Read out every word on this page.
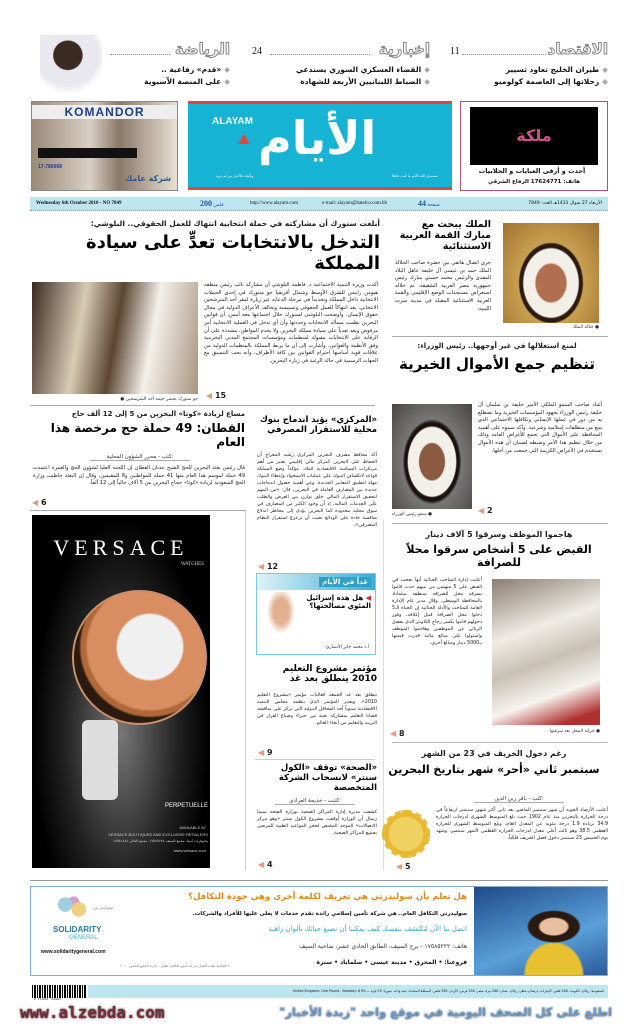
الاقتصاد
11
◆طيران الخليج تعاود تسيير
◆رحلاتها إلى العاصمة كولومبو
إخبارية
24
◆القضاء العسكري السوري يستدعي
◆الضباط اللبنانيين الأربعة للشهادة
الرياضة
◆«قدم» رفاعية ..
◆على المنصة الآسيوية
KOMANDOR
17-785668
شركة عامك
ALAYAM الأيام
تستمدي الله الأيام ما كنت جاهلاً
ويأتيك بالأخبار من لم تزود
ملكة
أحدث و أرقى العبايات و الجلابيات
هاتف: 17624771 الرفاع الشرقي
Wednesday 6th October 2010 - NO 7849	200 فلس	http://www.alayam.com	e-mail: alayam@batelco.com.bh	44 صفحة	الأربعاء 27 شوال 1431هـ العدد: 7849
أبلغت ستورك أن مشاركته في حملة انتخابية انتهاك للعمل الحقوقي.. البلوشي:
التدخل بالانتخابات تعدٍّ على سيادة المملكة
جو ستورك يحضر خيمة أحد المترشحين ●
أكدت وزيرة التنمية الاجتماعية د. فاطمة البلوشي أن مشاركة نائب رئيس منطقة هيومن رايتس للشرق الأوسط وشمال أفريقيا جو ستورك في إحدى الحملات الانتخابية داخل المملكة وتحديداً في مرحلة الدعاية عبر زيارة لمقر أحد المترشحين الانتخابي، يعد انتهاكاً للعمل الحقوقي وتسييسه ويخالف الأعراف الدولية في مجال حقوق الإنسان. وأوضحت البلوشي لستورك خلال اجتماعها معه أمس، أن قوانين البحرين نظمت مسألة الانتخابات وحددتها وأن أي تدخل في العملية الانتخابية أمر مرفوض ويعد تعدياً على سيادة مملكة البحرين ولا يخدم المواطن، مشددة على أن الرقابة على الانتخابات مقبولة لمنظمات ومؤسسات المجتمع المدني البحرينية وفق الأنظمة والقوانين. وأشارت إلى أن ما يربط المملكة بالمنظمات الدولية من علاقات قوية أساسها احترام القوانين بين كافة الأطراف، وأنه يجب التنسيق مع الجهات الرسمية في حالة الرغبة في زيارة البحرين.
◀ 15
الملك يبحث مع مبارك القمة العربية الاستثنائية
جرى اتصال هاتفي بين حضرة صاحب الجلالة الملك حمد بن عيسى آل خليفة عاهل البلاد المفدى والرئيس محمد حسني مبارك رئيس جمهورية مصر العربية الشقيقة، تم خلاله استعراض مستجدات الوضع الإقليمي والقمة العربية الاستثنائية المقبلة في مدينة سرت الليبية.
● جلالة الملك
لمنع استغلالها في غير أوجهها.. رئيس الوزراء:
تنظيم جمع الأموال الخيرية
● سمو رئيس الوزراء
أشاد صاحب السمو الملكي الأمير خليفة بن سلمان آل خليفة رئيس الوزراء بجهود المؤسسات الخيرية وما تضطلع به من دور في عملها الإنساني وتكافلها الاجتماعي الذي ينبع من منطلقات إسلامية وشرعية. وأكد سموه على أهمية المحافظة على الأموال التي تجمع للأغراض العامة وذلك من خلال تنظيم هذا الأمر وضبطه لضمان أن هذه الأموال تستخدم في الأغراض الكريمة التي جمعت من أجلها.
◀ 2
مساع لزيادة «كوتا» البحرين من 5 إلى 12 ألف حاج
القطان: 49 حملة حج مرخصة هذا العام
كتب - محرر الشؤون المحلية:
قال رئيس بعثة البحرين للحج الشيخ عدنان القطان إن اللجنة العليا لشؤون الحج والعمرة اعتمدت 49 حملة لموسم هذا العام منها 41 حملة للمواطنين و8 للمقيمين، وقال إن البعثة خاطبت وزارة الحج السعودية لزيادة «كوتا» حجاج البحرين من 5 آلاف حالياً إلى 12 ألفاً.
◀ 6
VERSACE
WATCHES
PERPETUELLE
AVAILABLE AT
VERSACE BOUTIQUES AND EXCLUSIVE RETAILERS
مجوهرات آسيا، مجمع السيف ١٧٥٨٧٧٨٨، مجمع العالي ١٧٥٨٤٤٤٤
www.versace.com
«المركزي» يؤيد اندماج بنوك محلية للاستقرار المصرفي
أكد محافظ مصرف البحرين المركزي رشيد المعراج أن الحفاظ على البحرين كمركز مالي إقليمي يعتبر من أهم مرتكزات السياسة الاقتصادية للبلاد، مؤكداً وضع المملكة قواعد لانكشاف البنوك على عمليات الاستحواذ وإعطاء البنوك مهلة لتطبيق المعايير الجديدة. وعن أهمية حصول اندماجات جديدة بين المصارف العاملة في البحرين، قال: «من المهم لتحقيق الاستقرار المالي خلق توازن بين العرض والطلب على الخدمات المالية، إذ أن وجود الكثير من المصارف في سوق محلية محدودة كما البحرين يؤدي إلى مخاطر اندلاع منافسة حادة على الودائع بحيث أن تزعزع استقرار النظام المصرفي».
◀ 12
غداً في الأيام
◀ هل هذه إسرائيل المئوي مصالحتها؟
أ.د محمد جابر الأنصاري
مؤتمر مشروع التعليم 2010 ينطلق بعد غد
تنطلق بعد غد الجمعة فعاليات مؤتمر «مشروع التعليم 2010»، ويعتبر المؤتمر الذي ينظمه مجلس التنمية الاقتصادية سنوياً أحد المحافل الدولية التي تركز على مناقشة قضايا التعليم بمشاركة نخبة من خبراء وصناع القرار في التربية والتعليم من أنحاء العالم.
◀ 9
«الصحة» توقف «الكول سنتر» لانسحاب الشركة المتخصصة
كتبت - خديجة العرادي:
كشفت مديرة إدارة المراكز الصحية بوزارة الصحة سيما زيمال أن الوزارة أوقفت مشروع الكول سنتر «وهو مركز الاتصالات» الموحد المختص لحجز المواعيد الطبية للمرضى بجميع المراكز الصحية.
◀ 4
هاجموا الموظف وسرقوا 5 آلاف دينار
القبض على 5 أشخاص سرقوا محلاً للصرافة
أعلنت إدارة المباحث الجنائية أنها نجحت في القبض على 5 متهمين من بينهم حدث قاموا بسرقة محل للصرافة بمنطقة سلماباد بالمحافظة الوسطى. وقال مدير عام الإدارة العامة للمباحث والأدلة الجنائية إن الجناة الـ5 دخلوا محل الصرافة قبيل إغلاقه، وفور دخولهم قاموا بكسر زجاج الكاونتر الذي يفصل الزبائن عن الموظفين وهاجموا الموظف واستولوا على مبالغ مالية قدرت قيمتها بـ5000 دينار ومبالغ أخرى.
● خزانة المحل بعد سرقتها
◀ 8
رغم دخول الخريف في 23 من الشهر
سبتمبر ثاني «أحر» شهر بتاريخ البحرين
كتب - باقر زين الدين:
أعلنت الأرصاد الجوية أن شهر سبتمبر الماضي يعد ثاني أكثر شهور سبتمبر ارتفاعاً في درجة الحرارة بالبحرين منذ عام 1902 حيث بلغ المتوسط الشهري لدرجات الحرارة 34.9 بزيادة 1.9 درجة مئوية عن المعدل العام، وبلغ المتوسط الشهري للحرارة العظمى 38.5 وهو ثالث أعلى معدل لدرجات الحرارة العظمى لأشهر سبتمبر، وشهد يوم الخميس 23 سبتمبر دخول فصل الخريف فلكياً.
◀ 5
هل تعلم بأن سوليدرتي هي تعريف لكلمة أخرى وهي جودة التكافل؟
سوليدرتي التكافل العام.. هي شركة تأمين إسلامي رائدة تقدم خدمات لا يعلى عليها للأفراد والشركات.
اتصل بنا الآن لتكتشف بنفسك كيف يمكننا أن نصبغ حياتك بألوان زاهية
هاتف: ١٧٥٨٥٢٢٢ - برج السيف، الطابق الحادي عشر، ضاحية السيف
فروعنا: • المحرق • مدينة عيسى • سلماباد • سترة
سوليدرتي
SOLIDARITY
GENERAL
www.solidaritygeneral.com
* الفائزة بلقب أفضل شركة تأمين تكافلي للعام - جائزة الخليج للتأمين ٢٠١٠
9 771681 716001
السعودية: ريالان، الكويت: 200 فلس، الإمارات: درهمان، قطر: ريالان، عمان: 200 بيزة، مصر: 250 قرش، الأردن: 250 فلس، المملكة المتحدة: جنيه واحد، سوريا: 25 ليرة — United Kingdom: One Pound - Bombay: 8 RS
www.alzebda.com	اطلع على كل الصحف اليومية في موقع واحد "زبدة الأخبار"
